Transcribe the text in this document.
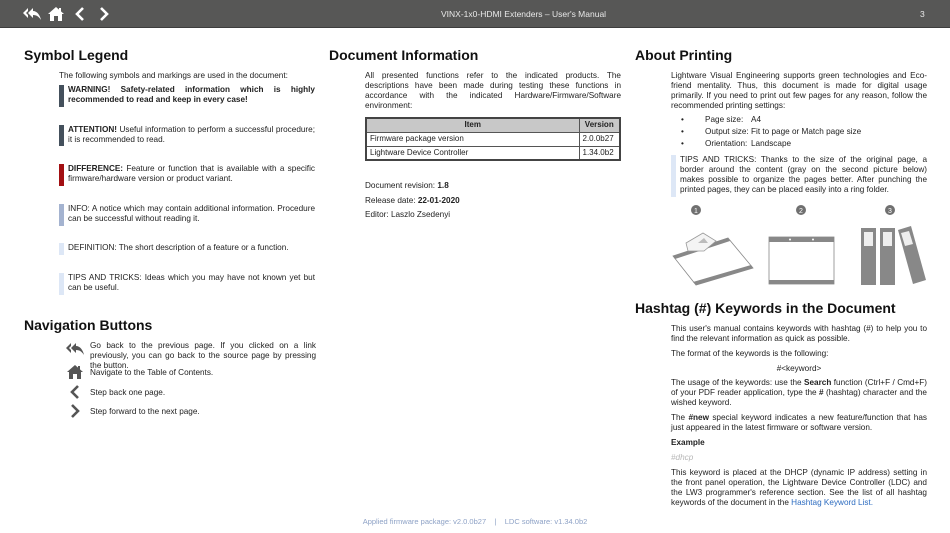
VINX-1x0-HDMI Extenders – User's Manual	3
Symbol Legend
The following symbols and markings are used in the document:
WARNING! Safety-related information which is highly recommended to read and keep in every case!
ATTENTION! Useful information to perform a successful procedure; it is recommended to read.
DIFFERENCE: Feature or function that is available with a specific firmware/hardware version or product variant.
INFO: A notice which may contain additional information. Procedure can be successful without reading it.
DEFINITION: The short description of a feature or a function.
TIPS AND TRICKS: Ideas which you may have not known yet but can be useful.
Navigation Buttons
Go back to the previous page. If you clicked on a link previously, you can go back to the source page by pressing the button.
Navigate to the Table of Contents.
Step back one page.
Step forward to the next page.
Document Information
All presented functions refer to the indicated products. The descriptions have been made during testing these functions in accordance with the indicated Hardware/Firmware/Software environment:
Item	Version
Firmware package version	2.0.0b27
Lightware Device Controller	1.34.0b2
Document revision: 1.8
Release date: 22-01-2020
Editor: Laszlo Zsedenyi
About Printing
Lightware Visual Engineering supports green technologies and Eco-friend mentality. Thus, this document is made for digital usage primarily. If you need to print out few pages for any reason, follow the recommended printing settings:
• Page size: A4
• Output size: Fit to page or Match page size
• Orientation: Landscape
TIPS AND TRICKS: Thanks to the size of the original page, a border around the content (gray on the second picture below) makes possible to organize the pages better. After punching the printed pages, they can be placed easily into a ring folder.
1	2	3
Hashtag (#) Keywords in the Document
This user's manual contains keywords with hashtag (#) to help you to find the relevant information as quick as possible.
The format of the keywords is the following:
#<keyword>
The usage of the keywords: use the Search function (Ctrl+F / Cmd+F) of your PDF reader application, type the # (hashtag) character and the wished keyword.
The #new special keyword indicates a new feature/function that has just appeared in the latest firmware or software version.
Example
#dhcp
This keyword is placed at the DHCP (dynamic IP address) setting in the front panel operation, the Lightware Device Controller (LDC) and the LW3 programmer's reference section. See the list of all hashtag keywords of the document in the Hashtag Keyword List.
Applied firmware package: v2.0.0b27 | LDC software: v1.34.0b2
